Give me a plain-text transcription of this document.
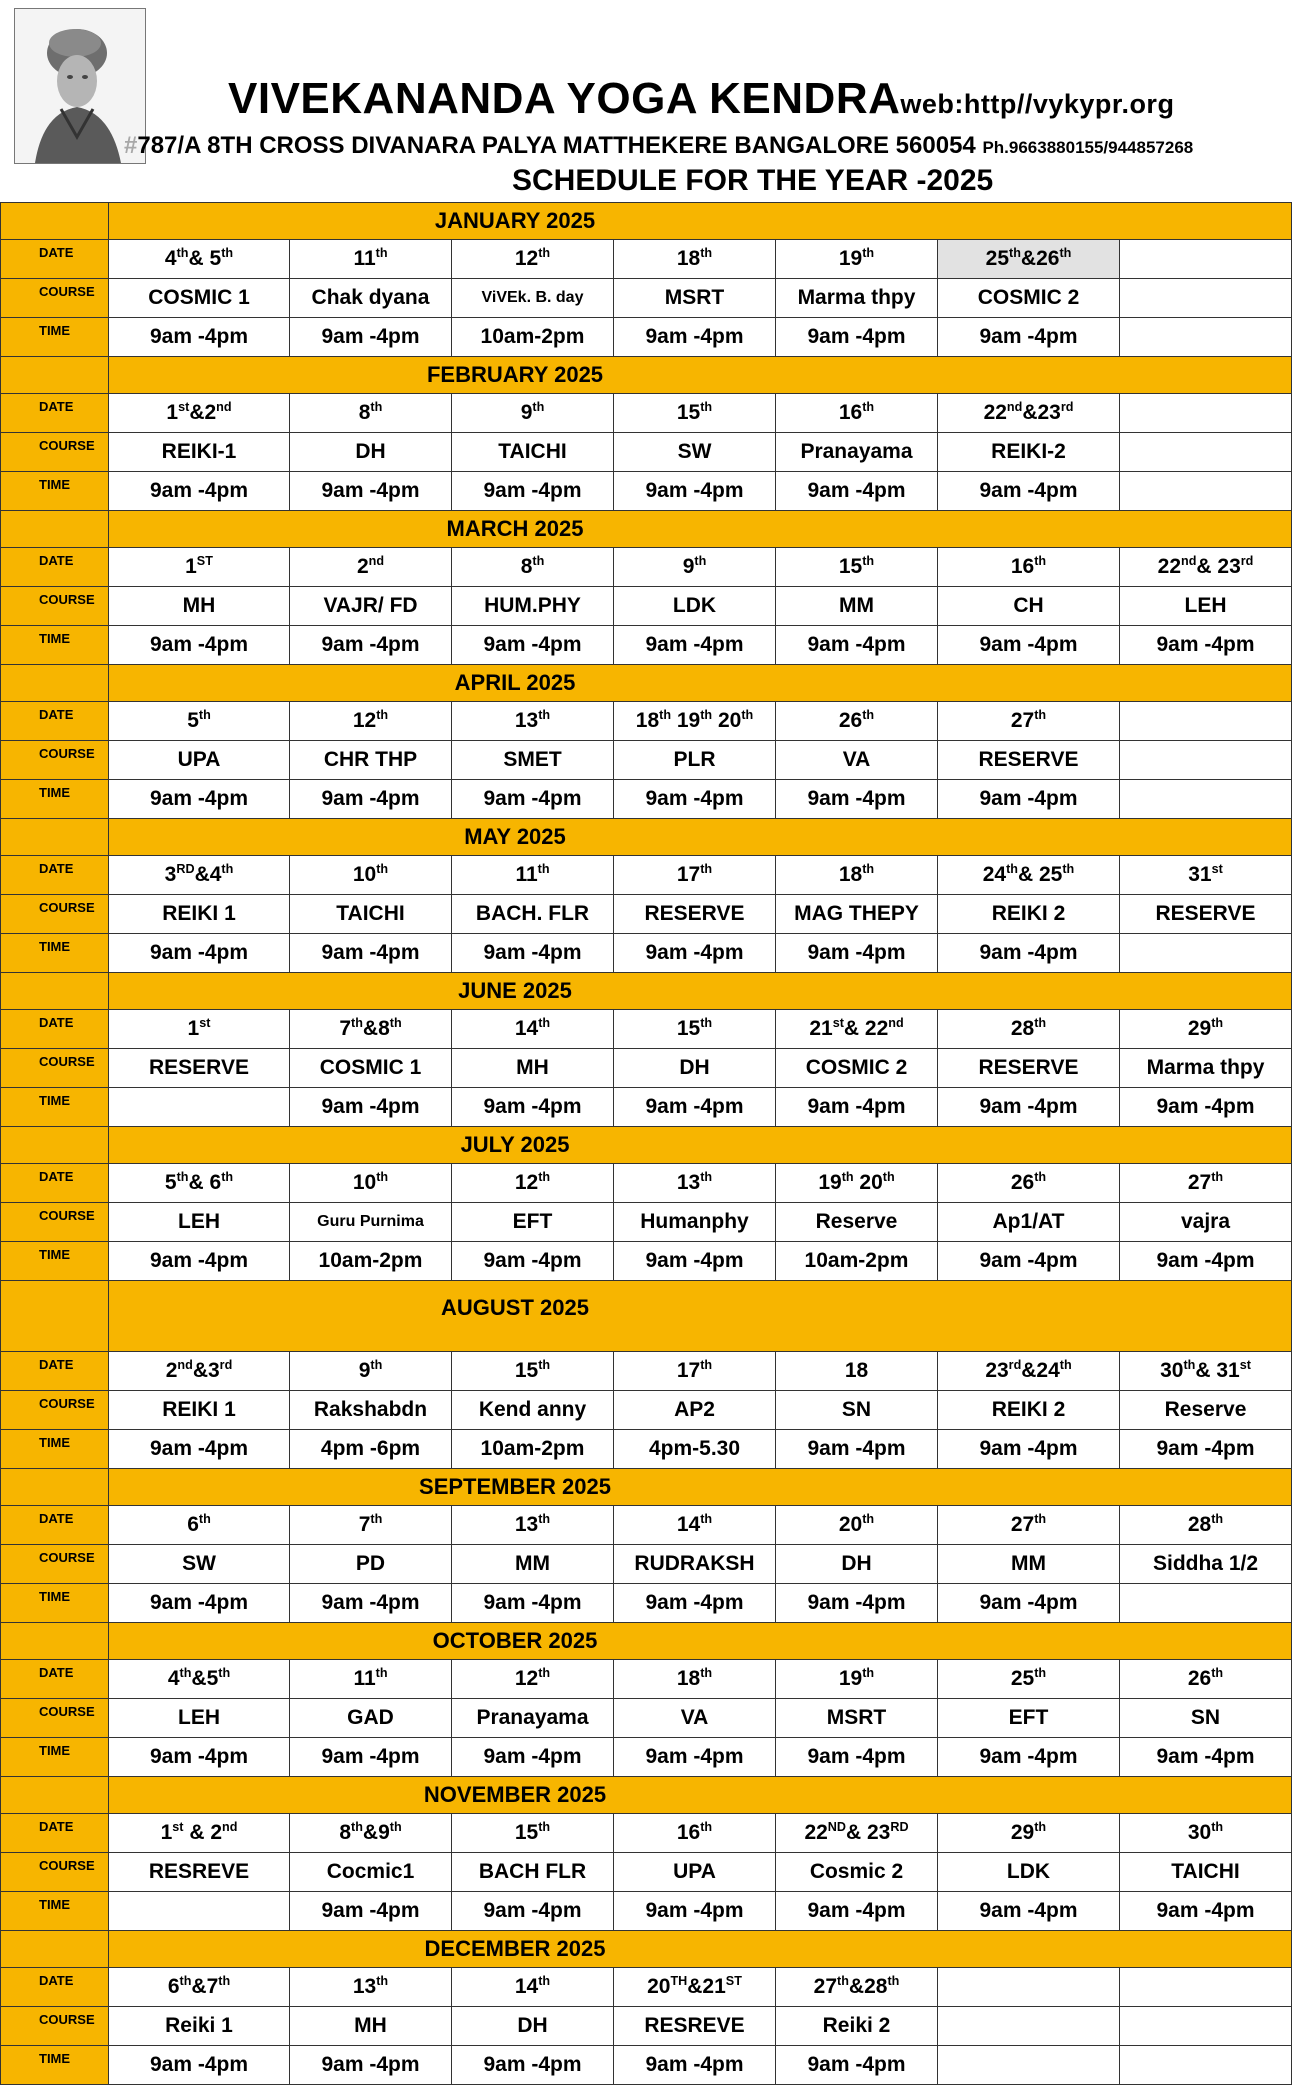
VIVEKANANDA YOGA KENDRAweb:http//vykypr.org
#787/A 8TH CROSS DIVANARA PALYA MATTHEKERE BANGALORE 560054 Ph.9663880155/944857268
SCHEDULE FOR THE YEAR -2025
	JANUARY 2025						
DATE	4th& 5th	11th	12th	18th	19th	25th&26th	
COURSE	COSMIC 1	Chak dyana	ViVEk. B. day	MSRT	Marma thpy	COSMIC 2	
TIME	9am -4pm	9am -4pm	10am-2pm	9am -4pm	9am -4pm	9am -4pm	
	FEBRUARY 2025						
DATE	1st&2nd	8th	9th	15th	16th	22nd&23rd	
COURSE	REIKI-1	DH	TAICHI	SW	Pranayama	REIKI-2	
TIME	9am -4pm	9am -4pm	9am -4pm	9am -4pm	9am -4pm	9am -4pm	
	MARCH 2025						
DATE	1ST	2nd	8th	9th	15th	16th	22nd& 23rd
COURSE	MH	VAJR/ FD	HUM.PHY	LDK	MM	CH	LEH
TIME	9am -4pm	9am -4pm	9am -4pm	9am -4pm	9am -4pm	9am -4pm	9am -4pm
	APRIL 2025						
DATE	5th	12th	13th	18th 19th 20th	26th	27th	
COURSE	UPA	CHR THP	SMET	PLR	VA	RESERVE	
TIME	9am -4pm	9am -4pm	9am -4pm	9am -4pm	9am -4pm	9am -4pm	
	MAY 2025						
DATE	3RD&4th	10th	11th	17th	18th	24th& 25th	31st
COURSE	REIKI 1	TAICHI	BACH. FLR	RESERVE	MAG THEPY	REIKI 2	RESERVE
TIME	9am -4pm	9am -4pm	9am -4pm	9am -4pm	9am -4pm	9am -4pm	
	JUNE 2025						
DATE	1st	7th&8th	14th	15th	21st& 22nd	28th	29th
COURSE	RESERVE	COSMIC 1	MH	DH	COSMIC 2	RESERVE	Marma thpy
TIME		9am -4pm	9am -4pm	9am -4pm	9am -4pm	9am -4pm	9am -4pm
	JULY 2025						
DATE	5th& 6th	10th	12th	13th	19th 20th	26th	27th
COURSE	LEH	Guru Purnima	EFT	Humanphy	Reserve	Ap1/AT	vajra
TIME	9am -4pm	10am-2pm	9am -4pm	9am -4pm	10am-2pm	9am -4pm	9am -4pm
	AUGUST 2025						
DATE	2nd&3rd	9th	15th	17th	18	23rd&24th	30th& 31st
COURSE	REIKI 1	Rakshabdn	Kend anny	AP2	SN	REIKI 2	Reserve
TIME	9am -4pm	4pm -6pm	10am-2pm	4pm-5.30	9am -4pm	9am -4pm	9am -4pm
	SEPTEMBER 2025						
DATE	6th	7th	13th	14th	20th	27th	28th
COURSE	SW	PD	MM	RUDRAKSH	DH	MM	Siddha 1/2
TIME	9am -4pm	9am -4pm	9am -4pm	9am -4pm	9am -4pm	9am -4pm	
	OCTOBER 2025						
DATE	4th&5th	11th	12th	18th	19th	25th	26th
COURSE	LEH	GAD	Pranayama	VA	MSRT	EFT	SN
TIME	9am -4pm	9am -4pm	9am -4pm	9am -4pm	9am -4pm	9am -4pm	9am -4pm
	NOVEMBER 2025						
DATE	1st & 2nd	8th&9th	15th	16th	22ND& 23RD	29th	30th
COURSE	RESREVE	Cocmic1	BACH FLR	UPA	Cosmic 2	LDK	TAICHI
TIME		9am -4pm	9am -4pm	9am -4pm	9am -4pm	9am -4pm	9am -4pm
	DECEMBER 2025						
DATE	6th&7th	13th	14th	20TH&21ST	27th&28th		
COURSE	Reiki 1	MH	DH	RESREVE	Reiki 2		
TIME	9am -4pm	9am -4pm	9am -4pm	9am -4pm	9am -4pm		
